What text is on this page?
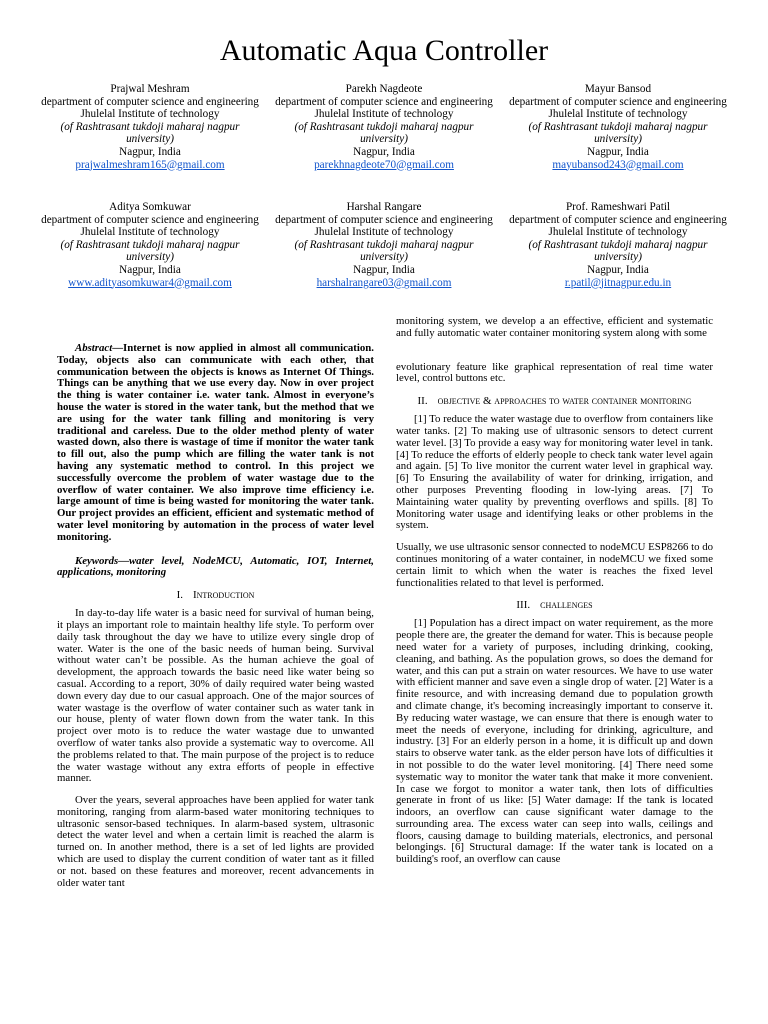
Automatic Aqua Controller
Prajwal Meshram
department of computer science and engineering
Jhulelal Institute of technology
(of Rashtrasant tukdoji maharaj nagpur university)
Nagpur, India
prajwalmeshram165@gmail.com
Parekh Nagdeote
department of computer science and engineering
Jhulelal Institute of technology
(of Rashtrasant tukdoji maharaj nagpur university)
Nagpur, India
parekhnagdeote70@gmail.com
Mayur Bansod
department of computer science and engineering
Jhulelal Institute of technology
(of Rashtrasant tukdoji maharaj nagpur university)
Nagpur, India
mayubansod243@gmail.com
Aditya Somkuwar
department of computer science and engineering
Jhulelal Institute of technology
(of Rashtrasant tukdoji maharaj nagpur university)
Nagpur, India
www.adityasomkuwar4@gmail.com
Harshal Rangare
department of computer science and engineering
Jhulelal Institute of technology
(of Rashtrasant tukdoji maharaj nagpur university)
Nagpur, India
harshalrangare03@gmail.com
Prof. Rameshwari Patil
department of computer science and engineering
Jhulelal Institute of technology
(of Rashtrasant tukdoji maharaj nagpur university)
Nagpur, India
r.patil@jitnagpur.edu.in

Abstract—Internet is now applied in almost all communication. Today, objects also can communicate with each other, that communication between the objects is knows as Internet Of Things. Things can be anything that we use every day. Now in over project the thing is water container i.e. water tank. Almost in everyone’s house the water is stored in the water tank, but the method that we are using for the water tank filling and monitoring is very traditional and careless. Due to the older method plenty of water wasted down, also there is wastage of time if monitor the water tank to fill out, also the pump which are filling the water tank is not having any systematic method to control. In this project we successfully overcome the problem of water wastage due to the overflow of water container. We also improve time efficiency i.e. large amount of time is being wasted for monitoring the water tank. Our project provides an efficient, efficient and systematic method of water level monitoring by automation in the process of water level monitoring.

Keywords—water level, NodeMCU, Automatic, IOT, Internet, applications, monitoring

I. Introduction

In day-to-day life water is a basic need for survival of human being, it plays an important role to maintain healthy life style. To perform over daily task throughout the day we have to utilize every single drop of water. Water is the one of the basic needs of human being. Survival without water can’t be possible. As the human achieve the goal of development, the approach towards the basic need like water being so casual. According to a report, 30% of daily required water being wasted down every day due to our casual approach. One of the major sources of water wastage is the overflow of water container such as water tank in our house, plenty of water flown down from the water tank. In this project over moto is to reduce the water wastage due to unwanted overflow of water tanks also provide a systematic way to overcome. All the problems related to that. The main purpose of the project is to reduce the water wastage without any extra efforts of people in effective manner.

Over the years, several approaches have been applied for water tank monitoring, ranging from alarm-based water monitoring techniques to ultrasonic sensor-based techniques. In alarm-based system, ultrasonic detect the water level and when a certain limit is reached the alarm is turned on. In another method, there is a set of led lights are provided which are used to display the current condition of water tant as it filled or not. based on these features and moreover, recent advancements in older water tant

monitoring system, we develop a an effective, efficient and systematic and fully automatic water container monitoring system along with some

evolutionary feature like graphical representation of real time water level, control buttons etc.

II. objective & approaches to water container monitoring

[1] To reduce the water wastage due to overflow from containers like water tanks. [2] To making use of ultrasonic sensors to detect current water level. [3] To provide a easy way for monitoring water level in tank. [4] To reduce the efforts of elderly people to check tank water level again and again. [5] To live monitor the current water level in graphical way. [6] To Ensuring the availability of water for drinking, irrigation, and other purposes Preventing flooding in low-lying areas. [7] To Maintaining water quality by preventing overflows and spills. [8] To Monitoring water usage and identifying leaks or other problems in the system.

Usually, we use ultrasonic sensor connected to nodeMCU ESP8266 to do continues monitoring of a water container, in nodeMCU we fixed some certain limit to which when the water is reaches the fixed level functionalities related to that level is performed.

III. challenges

[1] Population has a direct impact on water requirement, as the more people there are, the greater the demand for water. This is because people need water for a variety of purposes, including drinking, cooking, cleaning, and bathing. As the population grows, so does the demand for water, and this can put a strain on water resources. We have to use water with efficient manner and save even a single drop of water. [2] Water is a finite resource, and with increasing demand due to population growth and climate change, it's becoming increasingly important to conserve it. By reducing water wastage, we can ensure that there is enough water to meet the needs of everyone, including for drinking, agriculture, and industry. [3] For an elderly person in a home, it is difficult up and down stairs to observe water tank. as the elder person have lots of difficulties it in not possible to do the water level monitoring. [4] There need some systematic way to monitor the water tank that make it more convenient. In case we forgot to monitor a water tank, then lots of difficulties generate in front of us like: [5] Water damage: If the tank is located indoors, an overflow can cause significant water damage to the surrounding area. The excess water can seep into walls, ceilings and floors, causing damage to building materials, electronics, and personal belongings. [6] Structural damage: If the water tank is located on a building's roof, an overflow can cause
